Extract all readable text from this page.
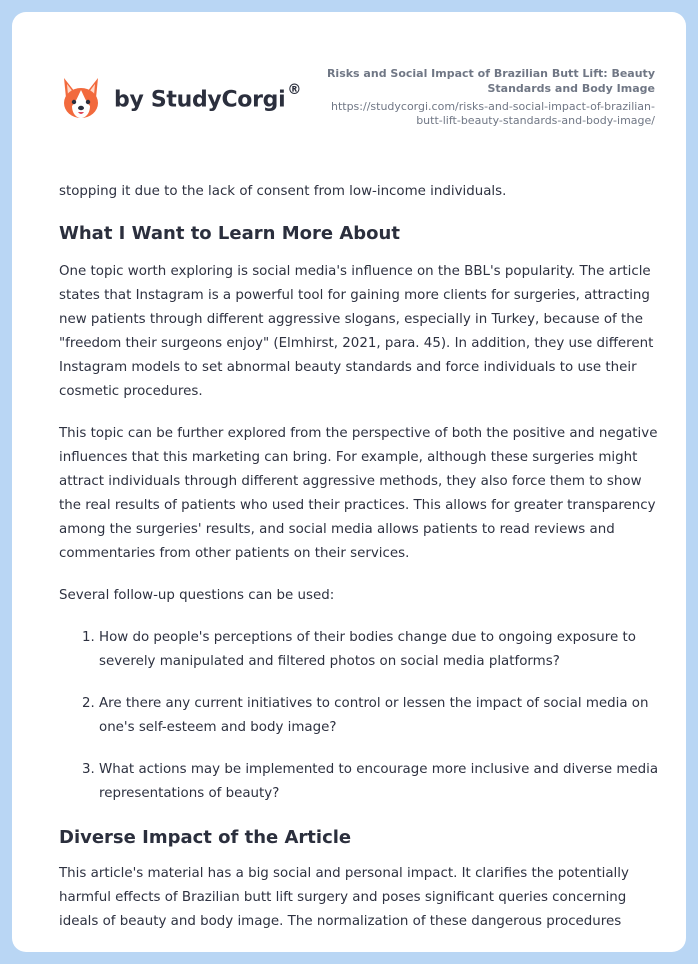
by StudyCorgi ®
Risks and Social Impact of Brazilian Butt Lift: Beauty Standards and Body Image
https://studycorgi.com/risks-and-social-impact-of-brazilian-butt-lift-beauty-standards-and-body-image/

stopping it due to the lack of consent from low-income individuals.

What I Want to Learn More About

One topic worth exploring is social media's influence on the BBL's popularity. The article states that Instagram is a powerful tool for gaining more clients for surgeries, attracting new patients through different aggressive slogans, especially in Turkey, because of the "freedom their surgeons enjoy" (Elmhirst, 2021, para. 45). In addition, they use different Instagram models to set abnormal beauty standards and force individuals to use their cosmetic procedures.

This topic can be further explored from the perspective of both the positive and negative influences that this marketing can bring. For example, although these surgeries might attract individuals through different aggressive methods, they also force them to show the real results of patients who used their practices. This allows for greater transparency among the surgeries' results, and social media allows patients to read reviews and commentaries from other patients on their services.

Several follow-up questions can be used:

1. How do people's perceptions of their bodies change due to ongoing exposure to severely manipulated and filtered photos on social media platforms?
2. Are there any current initiatives to control or lessen the impact of social media on one's self-esteem and body image?
3. What actions may be implemented to encourage more inclusive and diverse media representations of beauty?
Diverse Impact of the Article

This article's material has a big social and personal impact. It clarifies the potentially harmful effects of Brazilian butt lift surgery and poses significant queries concerning ideals of beauty and body image. The normalization of these dangerous procedures
